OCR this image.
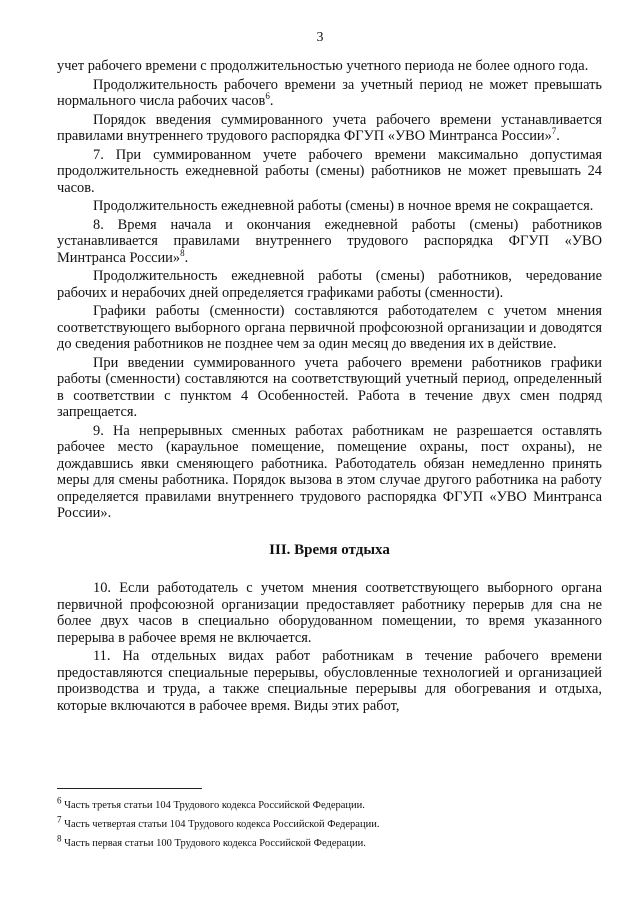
3

учет рабочего времени с продолжительностью учетного периода не более одного года.

Продолжительность рабочего времени за учетный период не может превышать нормального числа рабочих часов$^6$.

Порядок введения суммированного учета рабочего времени устанавливается правилами внутреннего трудового распорядка ФГУП «УВО Минтранса России»$^7$.

7. При суммированном учете рабочего времени максимально допустимая продолжительность ежедневной работы (смены) работников не может превышать 24 часов.

Продолжительность ежедневной работы (смены) в ночное время не сокращается.

8. Время начала и окончания ежедневной работы (смены) работников устанавливается правилами внутреннего трудового распорядка ФГУП «УВО Минтранса России»$^8$.

Продолжительность ежедневной работы (смены) работников, чередование рабочих и нерабочих дней определяется графиками работы (сменности).

Графики работы (сменности) составляются работодателем с учетом мнения соответствующего выборного органа первичной профсоюзной организации и доводятся до сведения работников не позднее чем за один месяц до введения их в действие.

При введении суммированного учета рабочего времени работников графики работы (сменности) составляются на соответствующий учетный период, определенный в соответствии с пунктом 4 Особенностей. Работа в течение двух смен подряд запрещается.

9. На непрерывных сменных работах работникам не разрешается оставлять рабочее место (караульное помещение, помещение охраны, пост охраны), не дождавшись явки сменяющего работника. Работодатель обязан немедленно принять меры для смены работника. Порядок вызова в этом случае другого работника на работу определяется правилами внутреннего трудового распорядка ФГУП «УВО Минтранса России».

III. Время отдыха

10. Если работодатель с учетом мнения соответствующего выборного органа первичной профсоюзной организации предоставляет работнику перерыв для сна не более двух часов в специально оборудованном помещении, то время указанного перерыва в рабочее время не включается.

11. На отдельных видах работ работникам в течение рабочего времени предоставляются специальные перерывы, обусловленные технологией и организацией производства и труда, а также специальные перерывы для обогревания и отдыха, которые включаются в рабочее время. Виды этих работ,

$^6$ Часть третья статьи 104 Трудового кодекса Российской Федерации.
$^7$ Часть четвертая статьи 104 Трудового кодекса Российской Федерации.
$^8$ Часть первая статьи 100 Трудового кодекса Российской Федерации.
